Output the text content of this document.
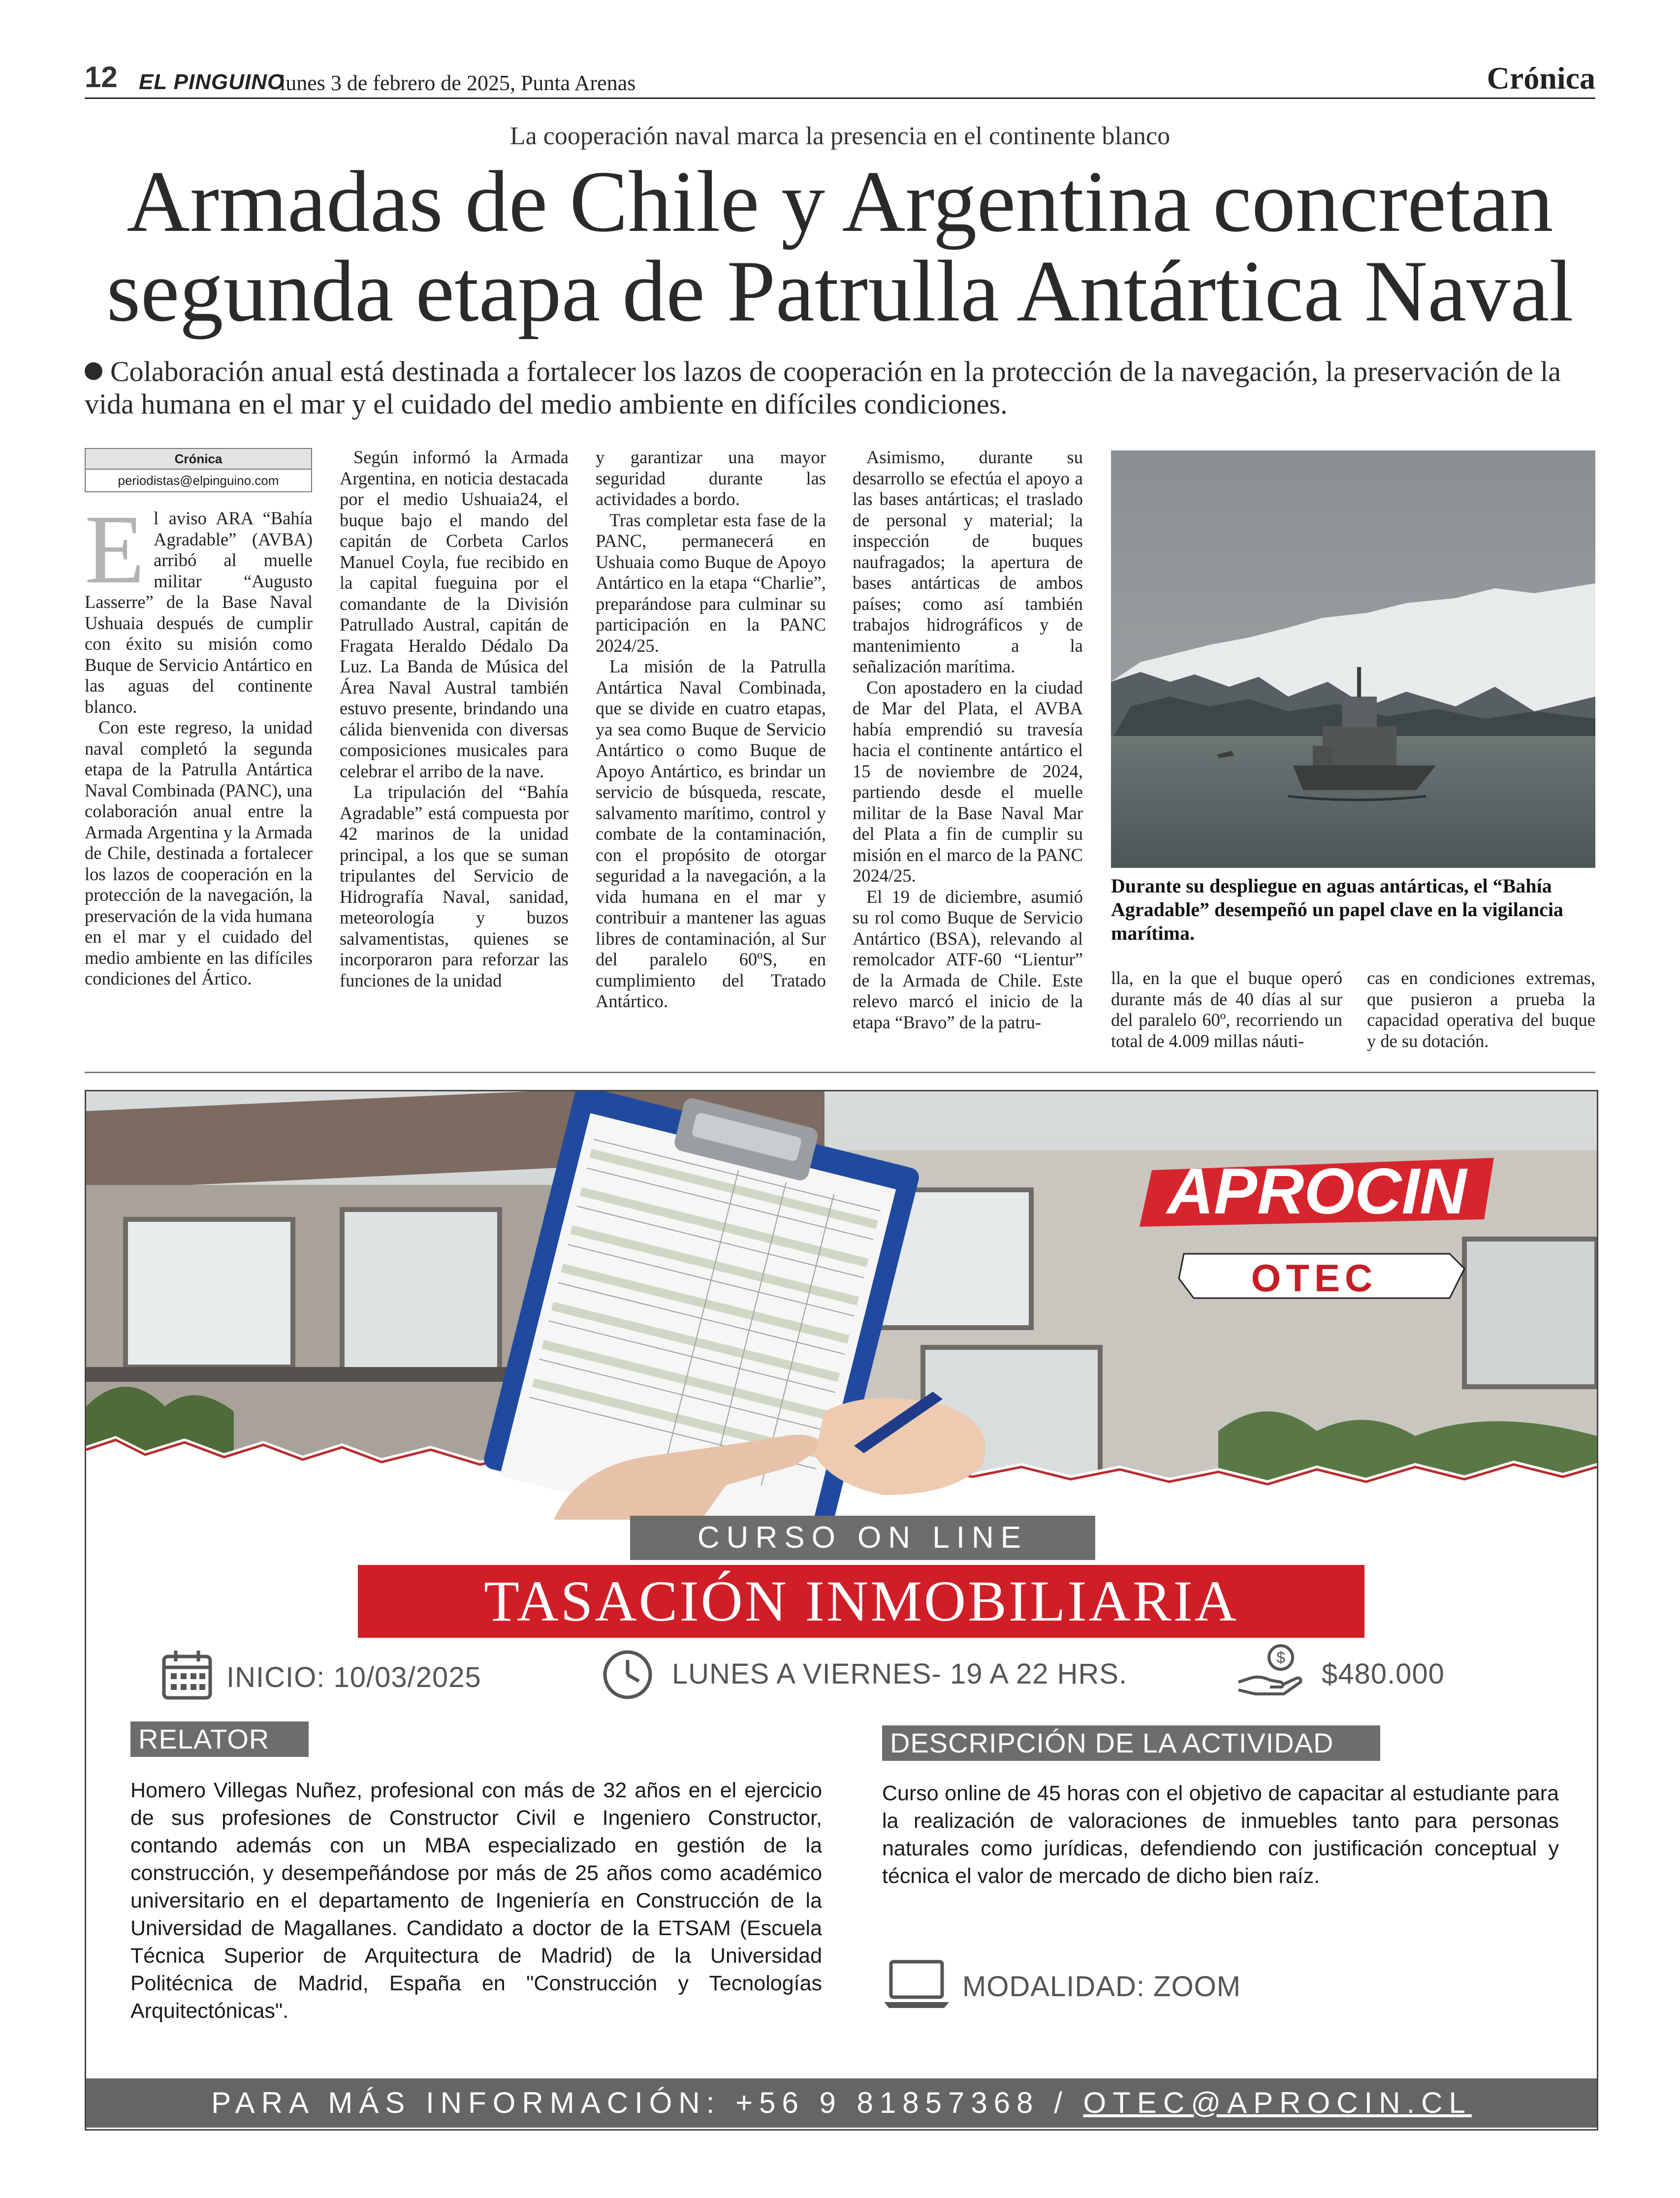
12 EL PINGUINO
lunes 3 de febrero de 2025, Punta Arenas	Crónica
La cooperación naval marca la presencia en el continente blanco
Armadas de Chile y Argentina concretan
segunda etapa de Patrulla Antártica Naval
Colaboración anual está destinada a fortalecer los lazos de cooperación en la protección de la navegación, la preservación de la vida humana en el mar y el cuidado del medio ambiente en difíciles condiciones.
Crónica
periodistas@elpinguino.com

El aviso ARA “Bahía Agradable” (AVBA) arribó al muelle militar “Augusto Lasserre” de la Base Naval Ushuaia después de cumplir con éxito su misión como Buque de Servicio Antártico en las aguas del continente blanco.

Con este regreso, la unidad naval completó la segunda etapa de la Patrulla Antártica Naval Combinada (PANC), una colaboración anual entre la Armada Argentina y la Armada de Chile, destinada a fortalecer los lazos de cooperación en la protección de la navegación, la preservación de la vida humana en el mar y el cuidado del medio ambiente en las difíciles condiciones del Ártico.

Según informó la Armada Argentina, en noticia destacada por el medio Ushuaia24, el buque bajo el mando del capitán de Corbeta Carlos Manuel Coyla, fue recibido en la capital fueguina por el comandante de la División Patrullado Austral, capitán de Fragata Heraldo Dédalo Da Luz. La Banda de Música del Área Naval Austral también estuvo presente, brindando una cálida bienvenida con diversas composiciones musicales para celebrar el arribo de la nave.

La tripulación del “Bahía Agradable” está compuesta por 42 marinos de la unidad principal, a los que se suman tripulantes del Servicio de Hidrografía Naval, sanidad, meteorología y buzos salvamentistas, quienes se incorporaron para reforzar las funciones de la unidad

y garantizar una mayor seguridad durante las actividades a bordo.

Tras completar esta fase de la PANC, permanecerá en Ushuaia como Buque de Apoyo Antártico en la etapa “Charlie”, preparándose para culminar su participación en la PANC 2024/25.

La misión de la Patrulla Antártica Naval Combinada, que se divide en cuatro etapas, ya sea como Buque de Servicio Antártico o como Buque de Apoyo Antártico, es brindar un servicio de búsqueda, rescate, salvamento marítimo, control y combate de la contaminación, con el propósito de otorgar seguridad a la navegación, a la vida humana en el mar y contribuir a mantener las aguas libres de contaminación, al Sur del paralelo 60ºS, en cumplimiento del Tratado Antártico.

Asimismo, durante su desarrollo se efectúa el apoyo a las bases antárticas; el traslado de personal y material; la inspección de buques naufragados; la apertura de bases antárticas de ambos países; como así también trabajos hidrográficos y de mantenimiento a la señalización marítima.

Con apostadero en la ciudad de Mar del Plata, el AVBA había emprendió su travesía hacia el continente antártico el 15 de noviembre de 2024, partiendo desde el muelle militar de la Base Naval Mar del Plata a fin de cumplir su misión en el marco de la PANC 2024/25.

El 19 de diciembre, asumió su rol como Buque de Servicio Antártico (BSA), relevando al remolcador ATF-60 “Lientur” de la Armada de Chile. Este relevo marcó el inicio de la etapa “Bravo” de la patru-

Durante su despliegue en aguas antárticas, el “Bahía Agradable” desempeñó un papel clave en la vigilancia marítima.

lla, en la que el buque operó durante más de 40 días al sur del paralelo 60º, recorriendo un total de 4.009 millas náuti-

cas en condiciones extremas, que pusieron a prueba la capacidad operativa del buque y de su dotación.

APROCIN
OTEC
CURSO ON LINE
TASACIÓN INMOBILIARIA
INICIO: 10/03/2025	LUNES A VIERNES- 19 A 22 HRS.
$
$480.000
RELATOR
Homero Villegas Nuñez, profesional con más de 32 años en el ejercicio de sus profesiones de Constructor Civil e Ingeniero Constructor, contando además con un MBA especializado en gestión de la construcción, y desempeñándose por más de 25 años como académico universitario en el departamento de Ingeniería en Construcción de la Universidad de Magallanes. Candidato a doctor de la ETSAM (Escuela Técnica Superior de Arquitectura de Madrid) de la Universidad Politécnica de Madrid, España en "Construcción y Tecnologías Arquitectónicas".
DESCRIPCIÓN DE LA ACTIVIDAD
Curso online de 45 horas con el objetivo de capacitar al estudiante para la realización de valoraciones de inmuebles tanto para personas naturales como jurídicas, defendiendo con justificación conceptual y técnica el valor de mercado de dicho bien raíz.
MODALIDAD: ZOOM
PARA MÁS INFORMACIÓN: +56 9 81857368 / OTEC@APROCIN.CL
